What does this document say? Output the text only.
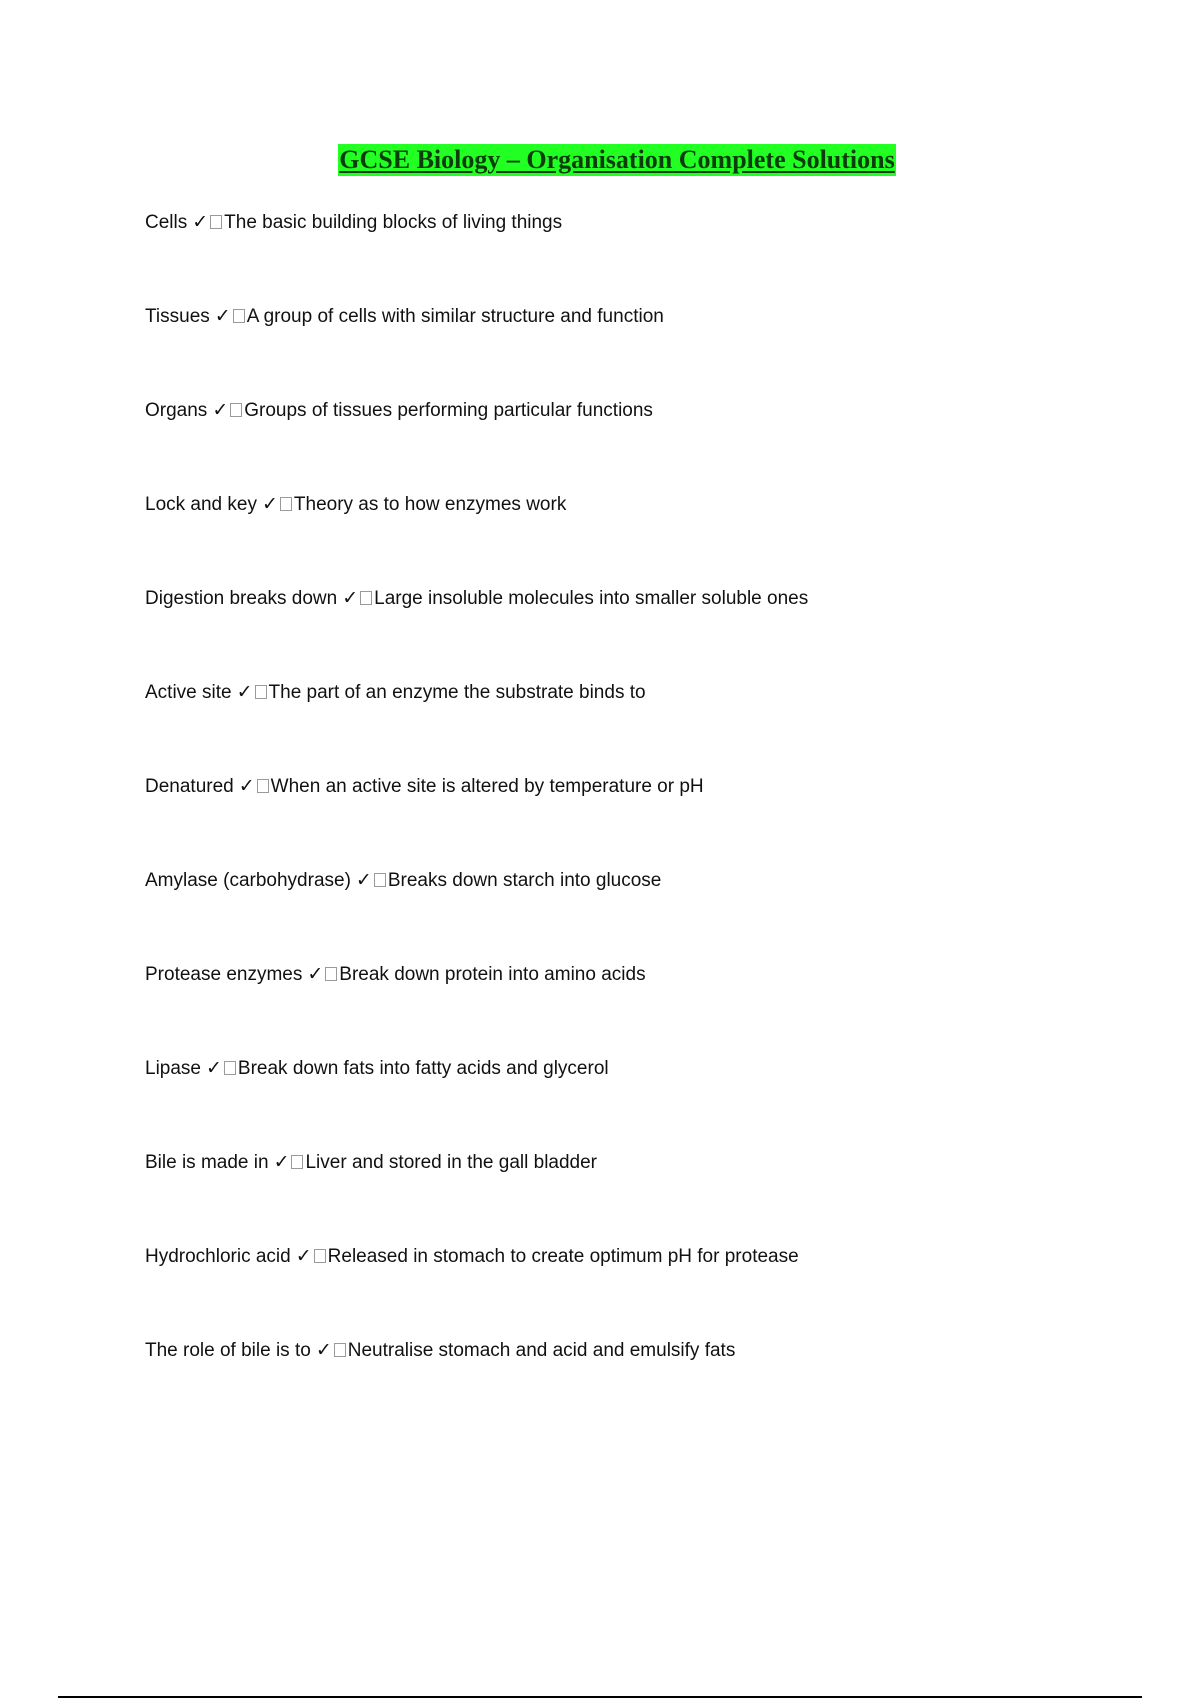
GCSE Biology – Organisation Complete Solutions
Cells ✓ The basic building blocks of living things
Tissues ✓ A group of cells with similar structure and function
Organs ✓ Groups of tissues performing particular functions
Lock and key ✓ Theory as to how enzymes work
Digestion breaks down ✓ Large insoluble molecules into smaller soluble ones
Active site ✓ The part of an enzyme the substrate binds to
Denatured ✓ When an active site is altered by temperature or pH
Amylase (carbohydrase) ✓ Breaks down starch into glucose
Protease enzymes ✓ Break down protein into amino acids
Lipase ✓ Break down fats into fatty acids and glycerol
Bile is made in ✓ Liver and stored in the gall bladder
Hydrochloric acid ✓ Released in stomach to create optimum pH for protease
The role of bile is to ✓ Neutralise stomach and acid and emulsify fats
